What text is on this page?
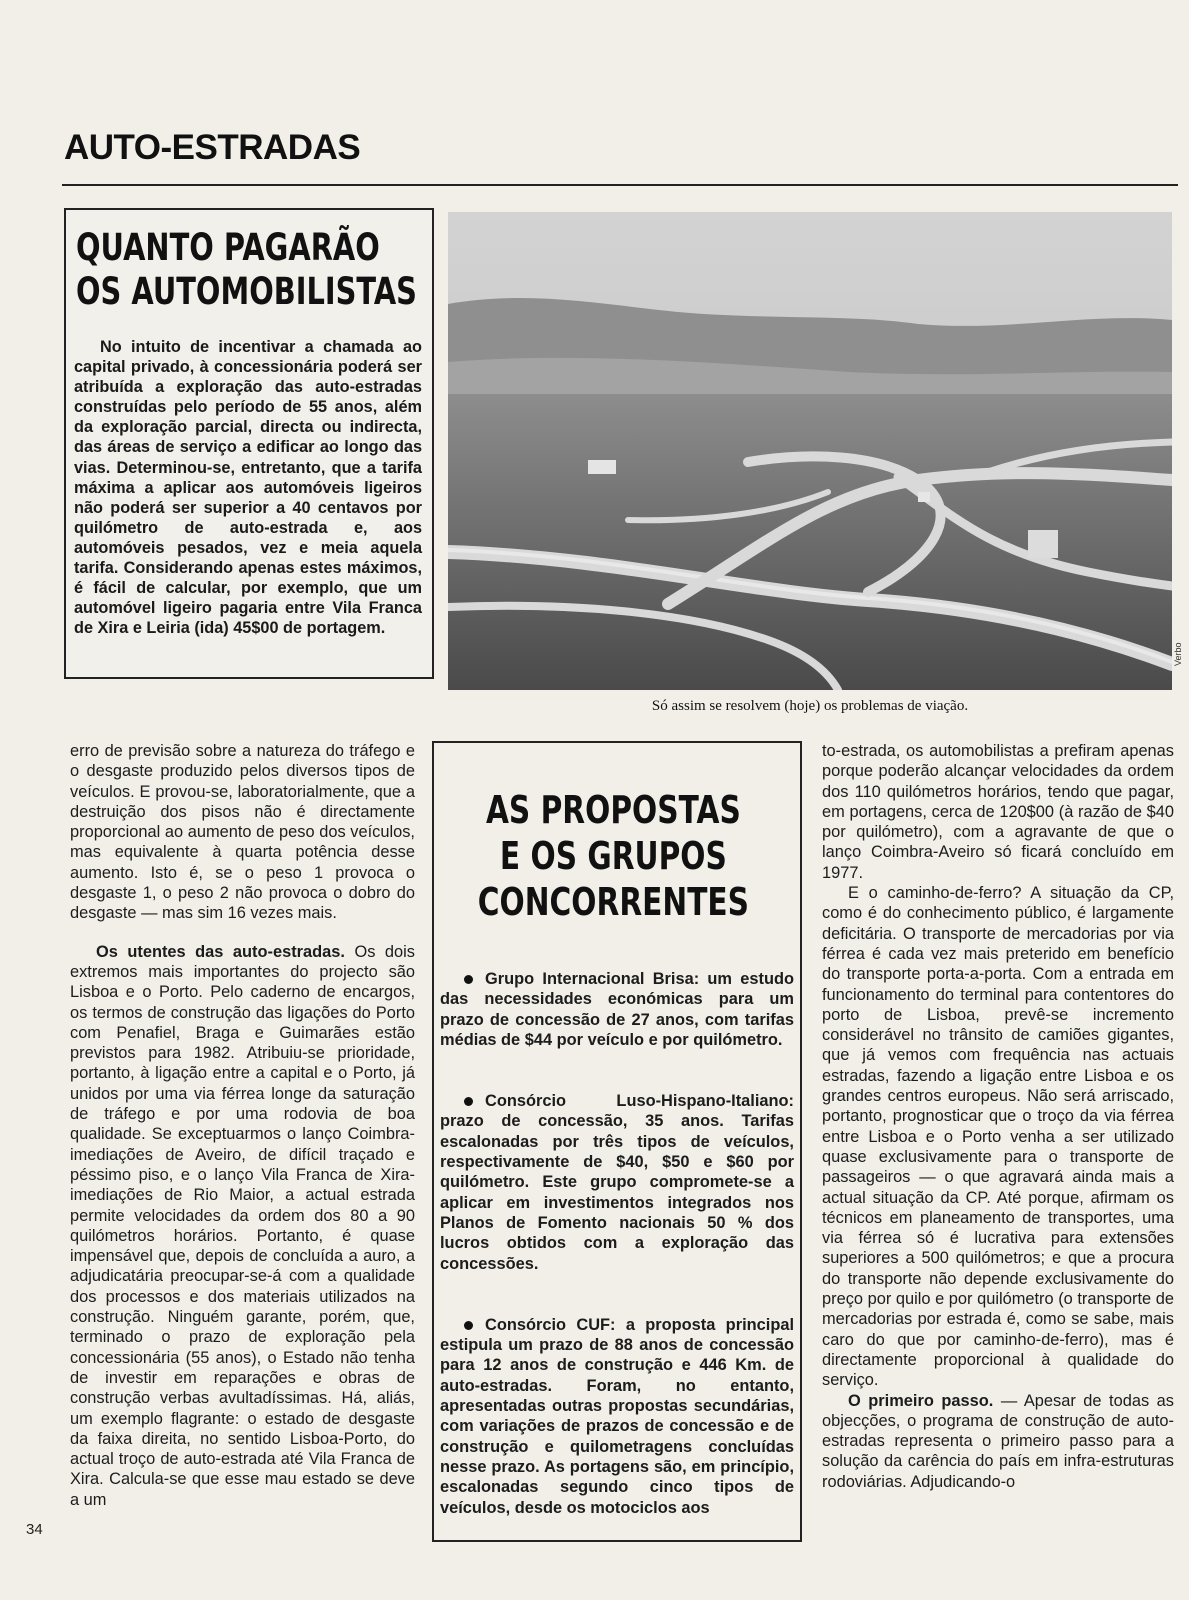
AUTO-ESTRADAS
QUANTO PAGARÃO
OS AUTOMOBILISTAS
No intuito de incentivar a chamada ao capital privado, à concessionária poderá ser atribuída a exploração das auto-estradas construídas pelo período de 55 anos, além da exploração parcial, directa ou indirecta, das áreas de serviço a edificar ao longo das vias. Determinou-se, entretanto, que a tarifa máxima a aplicar aos automóveis ligeiros não poderá ser superior a 40 centavos por quilómetro de auto-estrada e, aos automóveis pesados, vez e meia aquela tarifa. Considerando apenas estes máximos, é fácil de calcular, por exemplo, que um automóvel ligeiro pagaria entre Vila Franca de Xira e Leiria (ida) 45$00 de portagem.
Verbo
Só assim se resolvem (hoje) os problemas de viação.

erro de previsão sobre a natureza do tráfego e o desgaste produzido pelos diversos tipos de veículos. E provou-se, laboratorialmente, que a destruição dos pisos não é directamente proporcional ao aumento de peso dos veículos, mas equivalente à quarta potência desse aumento. Isto é, se o peso 1 provoca o desgaste 1, o peso 2 não provoca o dobro do desgaste — mas sim 16 vezes mais.

Os utentes das auto-estradas. Os dois extremos mais importantes do projecto são Lisboa e o Porto. Pelo caderno de encargos, os termos de construção das ligações do Porto com Penafiel, Braga e Guimarães estão previstos para 1982. Atribuiu-se prioridade, portanto, à ligação entre a capital e o Porto, já unidos por uma via férrea longe da saturação de tráfego e por uma rodovia de boa qualidade. Se exceptuarmos o lanço Coimbra-imediações de Aveiro, de difícil traçado e péssimo piso, e o lanço Vila Franca de Xira-imediações de Rio Maior, a actual estrada permite velocidades da ordem dos 80 a 90 quilómetros horários. Portanto, é quase impensável que, depois de concluída a auro, a adjudicatária preocupar-se-á com a qualidade dos processos e dos materiais utilizados na construção. Ninguém garante, porém, que, terminado o prazo de exploração pela concessionária (55 anos), o Estado não tenha de investir em reparações e obras de construção verbas avultadíssimas. Há, aliás, um exemplo flagrante: o estado de desgaste da faixa direita, no sentido Lisboa-Porto, do actual troço de auto-estrada até Vila Franca de Xira. Calcula-se que esse mau estado se deve a um

AS PROPOSTAS
E OS GRUPOS
CONCORRENTES
Grupo Internacional Brisa: um estudo das necessidades económicas para um prazo de concessão de 27 anos, com tarifas médias de $44 por veículo e por quilómetro.
Consórcio Luso-Hispano-Italiano: prazo de concessão, 35 anos. Tarifas escalonadas por três tipos de veículos, respectivamente de $40, $50 e $60 por quilómetro. Este grupo compromete-se a aplicar em investimentos integrados nos Planos de Fomento nacionais 50 % dos lucros obtidos com a exploração das concessões.
Consórcio CUF: a proposta principal estipula um prazo de 88 anos de concessão para 12 anos de construção e 446 Km. de auto-estradas. Foram, no entanto, apresentadas outras propostas secundárias, com variações de prazos de concessão e de construção e quilometragens concluídas nesse prazo. As portagens são, em princípio, escalonadas segundo cinco tipos de veículos, desde os motociclos aos

to-estrada, os automobilistas a prefiram apenas porque poderão alcançar velocidades da ordem dos 110 quilómetros horários, tendo que pagar, em portagens, cerca de 120$00 (à razão de $40 por quilómetro), com a agravante de que o lanço Coimbra-Aveiro só ficará concluído em 1977.

E o caminho-de-ferro? A situação da CP, como é do conhecimento público, é largamente deficitária. O transporte de mercadorias por via férrea é cada vez mais preterido em benefício do transporte porta-a-porta. Com a entrada em funcionamento do terminal para contentores do porto de Lisboa, prevê-se incremento considerável no trânsito de camiões gigantes, que já vemos com frequência nas actuais estradas, fazendo a ligação entre Lisboa e os grandes centros europeus. Não será arriscado, portanto, prognosticar que o troço da via férrea entre Lisboa e o Porto venha a ser utilizado quase exclusivamente para o transporte de passageiros — o que agravará ainda mais a actual situação da CP. Até porque, afirmam os técnicos em planeamento de transportes, uma via férrea só é lucrativa para extensões superiores a 500 quilómetros; e que a procura do transporte não depende exclusivamente do preço por quilo e por quilómetro (o transporte de mercadorias por estrada é, como se sabe, mais caro do que por caminho-de-ferro), mas é directamente proporcional à qualidade do serviço.

O primeiro passo. — Apesar de todas as objecções, o programa de construção de auto-estradas representa o primeiro passo para a solução da carência do país em infra-estruturas rodoviárias. Adjudicando-o

34
